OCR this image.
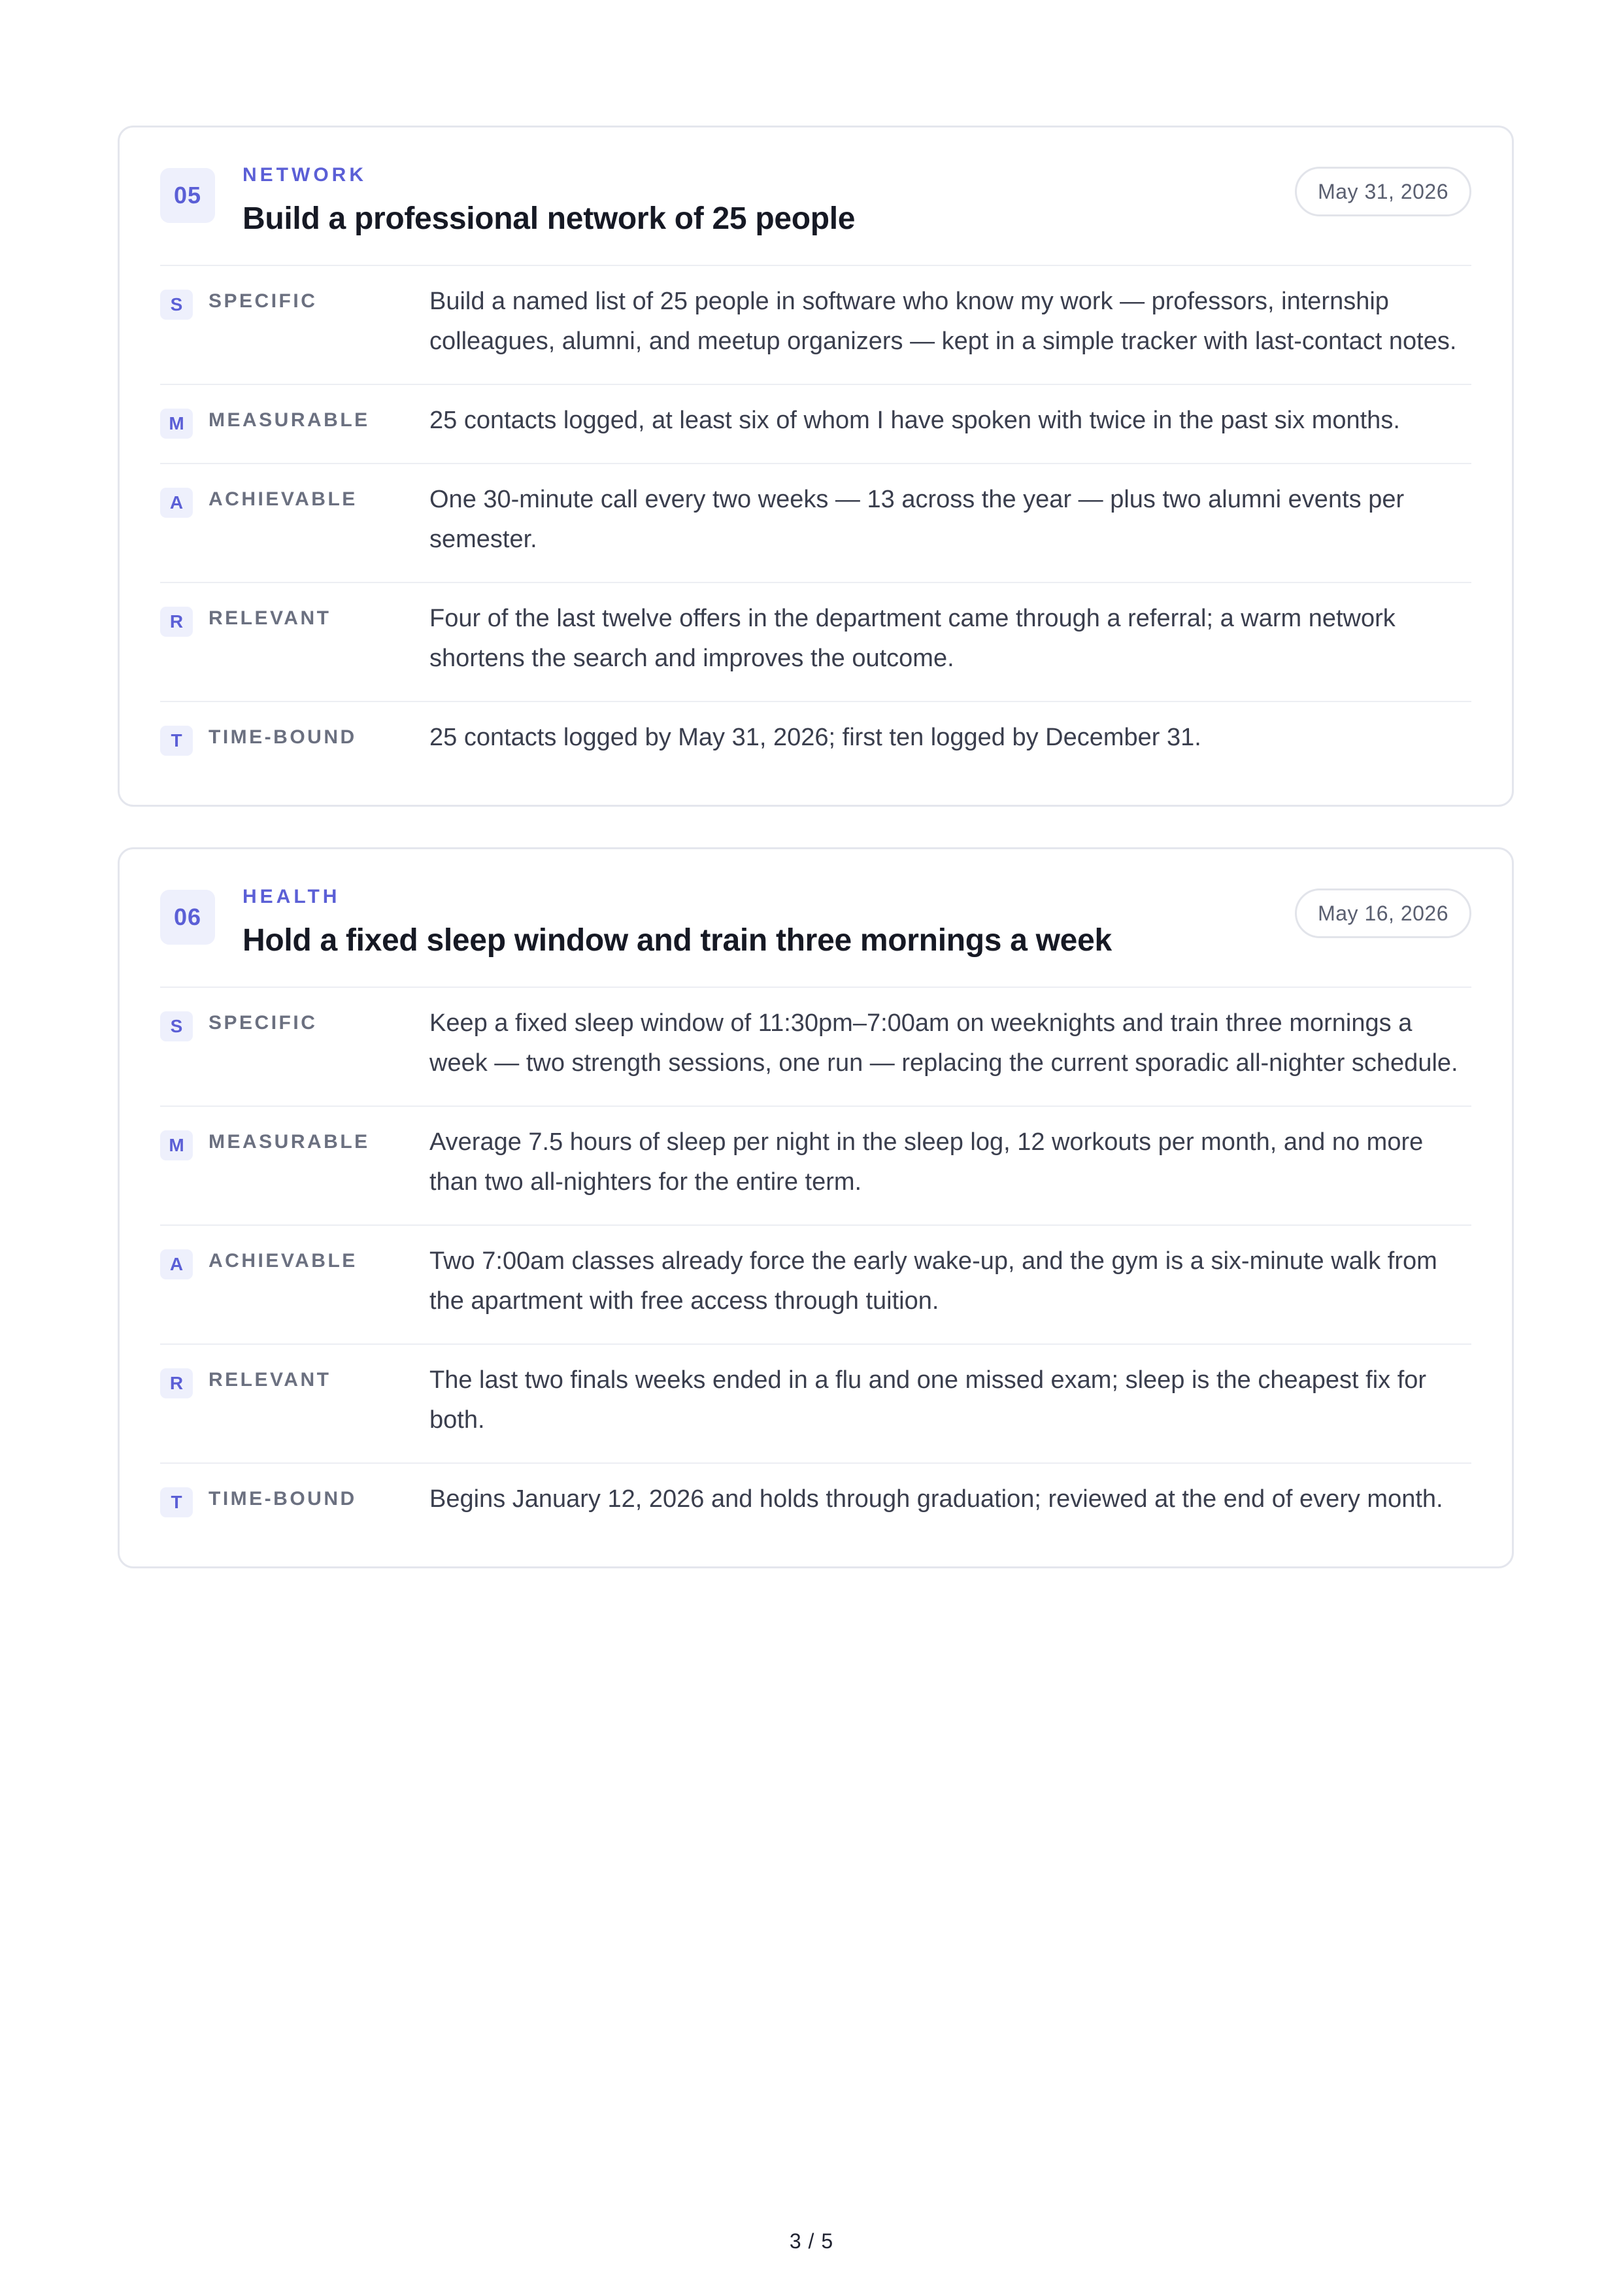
05
NETWORK
Build a professional network of 25 people
May 31, 2026
S	SPECIFIC	Build a named list of 25 people in software who know my work — professors, internship colleagues, alumni, and meetup organizers — kept in a simple tracker with last-contact notes.
M	MEASURABLE	25 contacts logged, at least six of whom I have spoken with twice in the past six months.
A	ACHIEVABLE	One 30-minute call every two weeks — 13 across the year — plus two alumni events per semester.
R	RELEVANT	Four of the last twelve offers in the department came through a referral; a warm network shortens the search and improves the outcome.
T	TIME-BOUND	25 contacts logged by May 31, 2026; first ten logged by December 31.
06
HEALTH
Hold a fixed sleep window and train three mornings a week
May 16, 2026
S	SPECIFIC	Keep a fixed sleep window of 11:30pm–7:00am on weeknights and train three mornings a week — two strength sessions, one run — replacing the current sporadic all-nighter schedule.
M	MEASURABLE	Average 7.5 hours of sleep per night in the sleep log, 12 workouts per month, and no more than two all-nighters for the entire term.
A	ACHIEVABLE	Two 7:00am classes already force the early wake-up, and the gym is a six-minute walk from the apartment with free access through tuition.
R	RELEVANT	The last two finals weeks ended in a flu and one missed exam; sleep is the cheapest fix for both.
T	TIME-BOUND	Begins January 12, 2026 and holds through graduation; reviewed at the end of every month.
3 / 5
